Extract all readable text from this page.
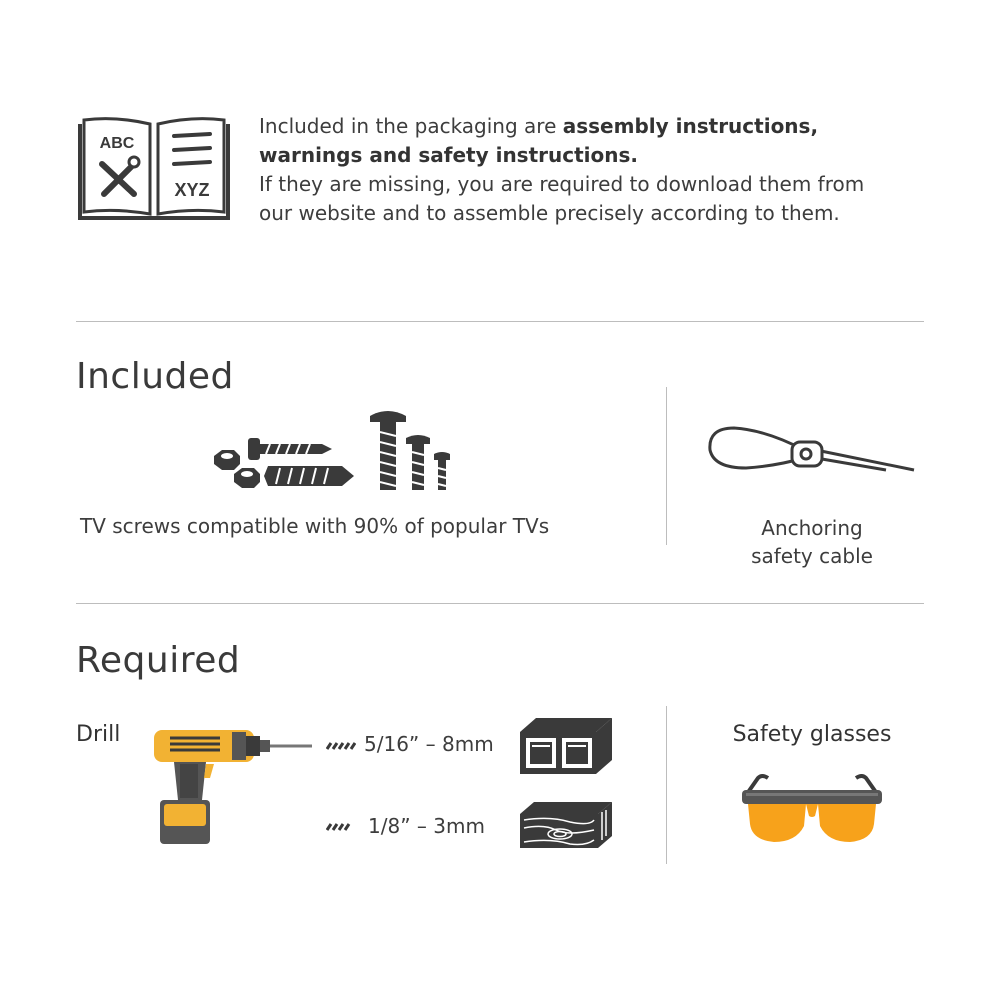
ABC
XYZ
Included in the packaging are assembly instructions,
warnings and safety instructions.
If they are missing, you are required to download them from
our website and to assemble precisely according to them.
Included
TV screws compatible with 90% of popular TVs	Anchoring
safety cable
Required
Drill	5/16” – 8mm
1/8” – 3mm
Safety glasses
